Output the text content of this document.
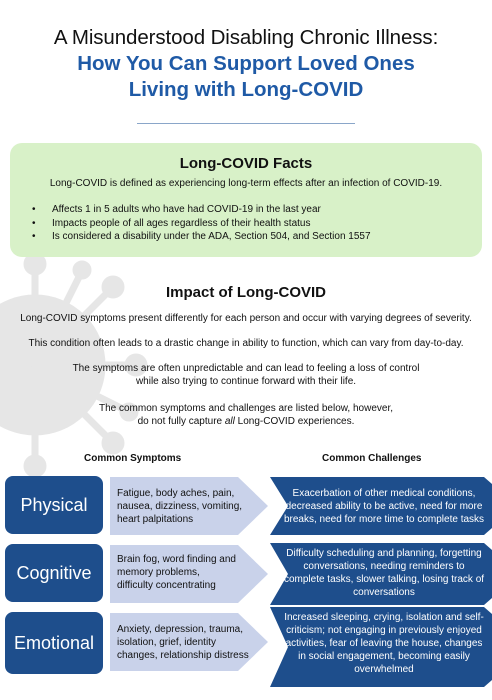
A Misunderstood Disabling Chronic Illness:
How You Can Support Loved Ones
Living with Long-COVID
Long-COVID Facts
Long-COVID is defined as experiencing long-term effects after an infection of COVID-19.
• Affects 1 in 5 adults who have had COVID-19 in the last year
• Impacts people of all ages regardless of their health status
• Is considered a disability under the ADA, Section 504, and Section 1557
Impact of Long-COVID
Long-COVID symptoms present differently for each person and occur with varying degrees of severity.
This condition often leads to a drastic change in ability to function, which can vary from day-to-day.
The symptoms are often unpredictable and can lead to feeling a loss of control
while also trying to continue forward with their life.
The common symptoms and challenges are listed below, however,
do not fully capture all Long-COVID experiences.
Common Symptoms	Common Challenges
Physical
Fatigue, body aches, pain,
nausea, dizziness, vomiting,
heart palpitations
Exacerbation of other medical conditions,
decreased ability to be active, need for more
breaks, need for more time to complete tasks
Cognitive
Brain fog, word finding and
memory problems,
difficulty concentrating
Difficulty scheduling and planning, forgetting
conversations, needing reminders to
complete tasks, slower talking, losing track of
conversations
Emotional
Anxiety, depression, trauma,
isolation, grief, identity
changes, relationship distress
Increased sleeping, crying, isolation and self-
criticism; not engaging in previously enjoyed
activities, fear of leaving the house, changes
in social engagement, becoming easily
overwhelmed
